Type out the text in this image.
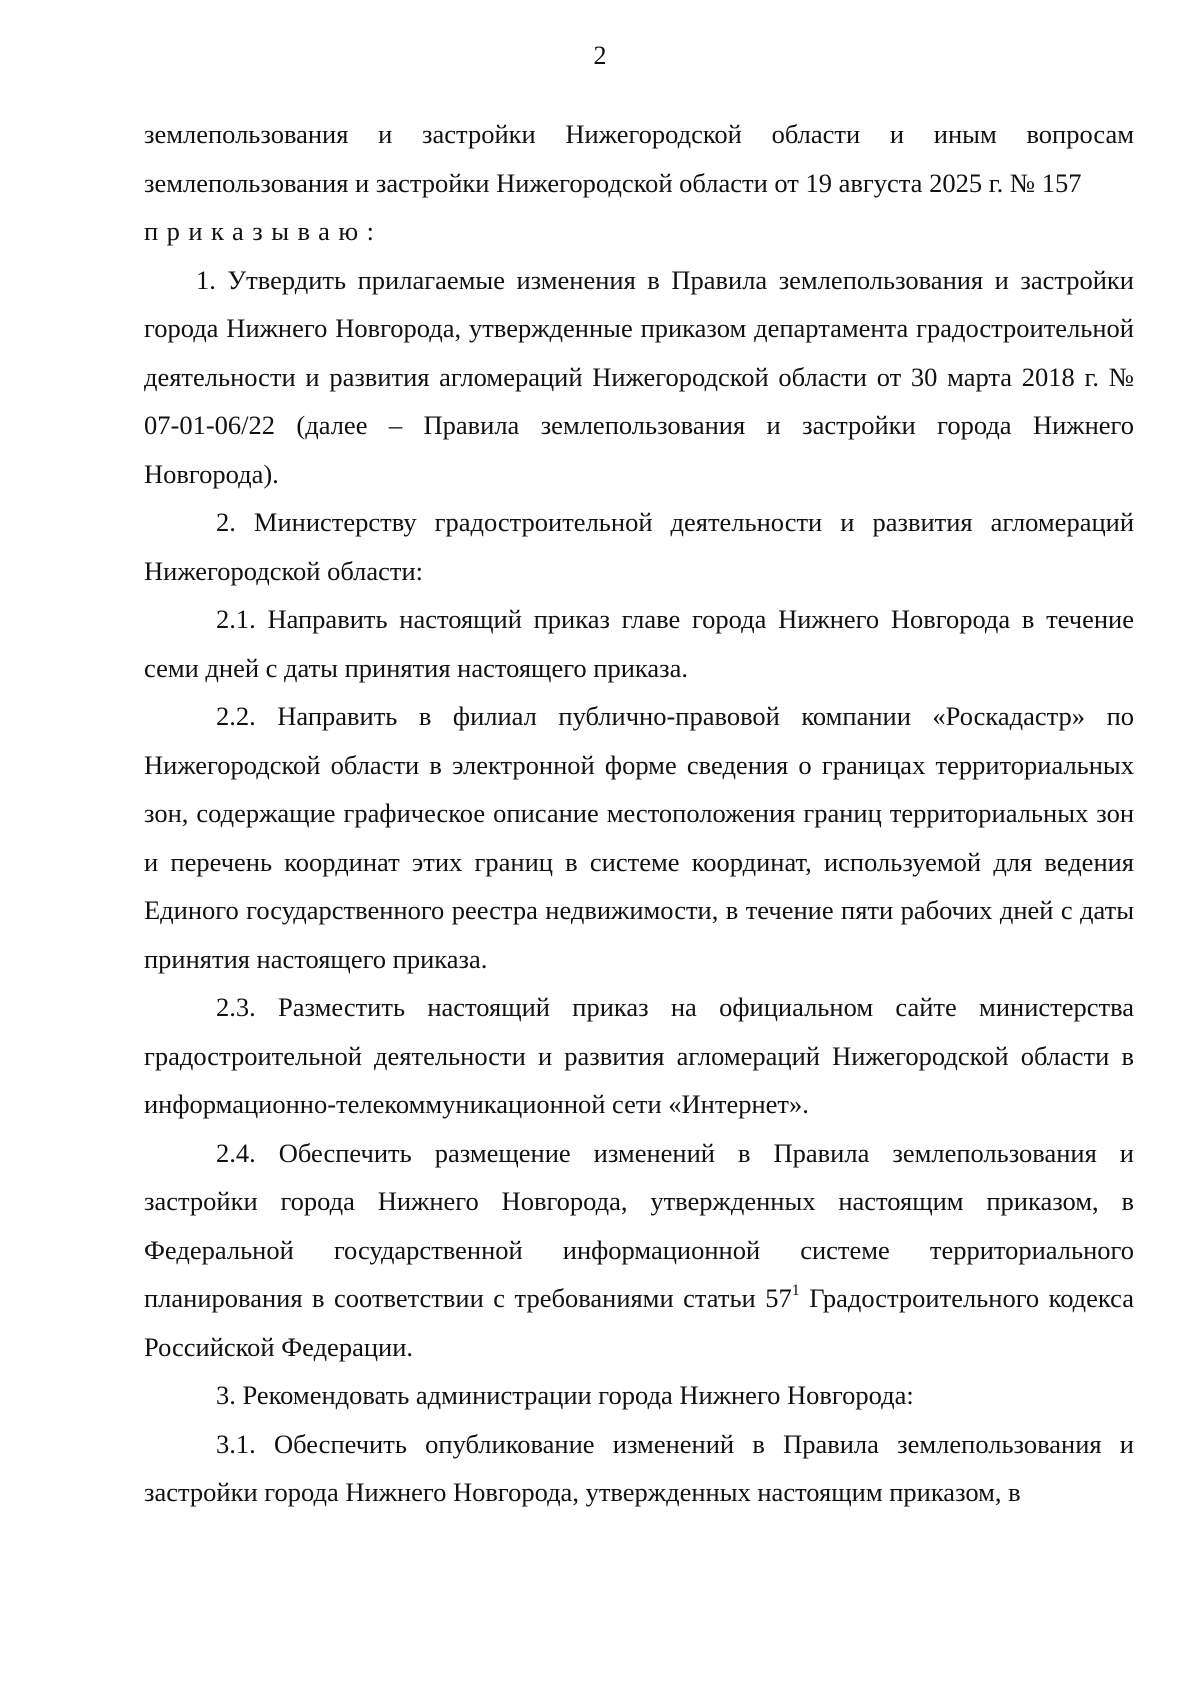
2

землепользования и застройки Нижегородской области и иным вопросам землепользования и застройки Нижегородской области от 19 августа 2025 г. № 157

приказываю:

1. Утвердить прилагаемые изменения в Правила землепользования и застройки города Нижнего Новгорода, утвержденные приказом департамента градостроительной деятельности и развития агломераций Нижегородской области от 30 марта 2018 г. № 07-01-06/22 (далее – Правила землепользования и застройки города Нижнего Новгорода).

2. Министерству градостроительной деятельности и развития агломераций Нижегородской области:

2.1. Направить настоящий приказ главе города Нижнего Новгорода в течение семи дней с даты принятия настоящего приказа.

2.2. Направить в филиал публично-правовой компании «Роскадастр» по Нижегородской области в электронной форме сведения о границах территориальных зон, содержащие графическое описание местоположения границ территориальных зон и перечень координат этих границ в системе координат, используемой для ведения Единого государственного реестра недвижимости, в течение пяти рабочих дней с даты принятия настоящего приказа.

2.3. Разместить настоящий приказ на официальном сайте министерства градостроительной деятельности и развития агломераций Нижегородской области в информационно-телекоммуникационной сети «Интернет».

2.4. Обеспечить размещение изменений в Правила землепользования и застройки города Нижнего Новгорода, утвержденных настоящим приказом, в Федеральной государственной информационной системе территориального планирования в соответствии с требованиями статьи $57^1$ Градостроительного кодекса Российской Федерации.

3. Рекомендовать администрации города Нижнего Новгорода:

3.1. Обеспечить опубликование изменений в Правила землепользования и застройки города Нижнего Новгорода, утвержденных настоящим приказом, в
